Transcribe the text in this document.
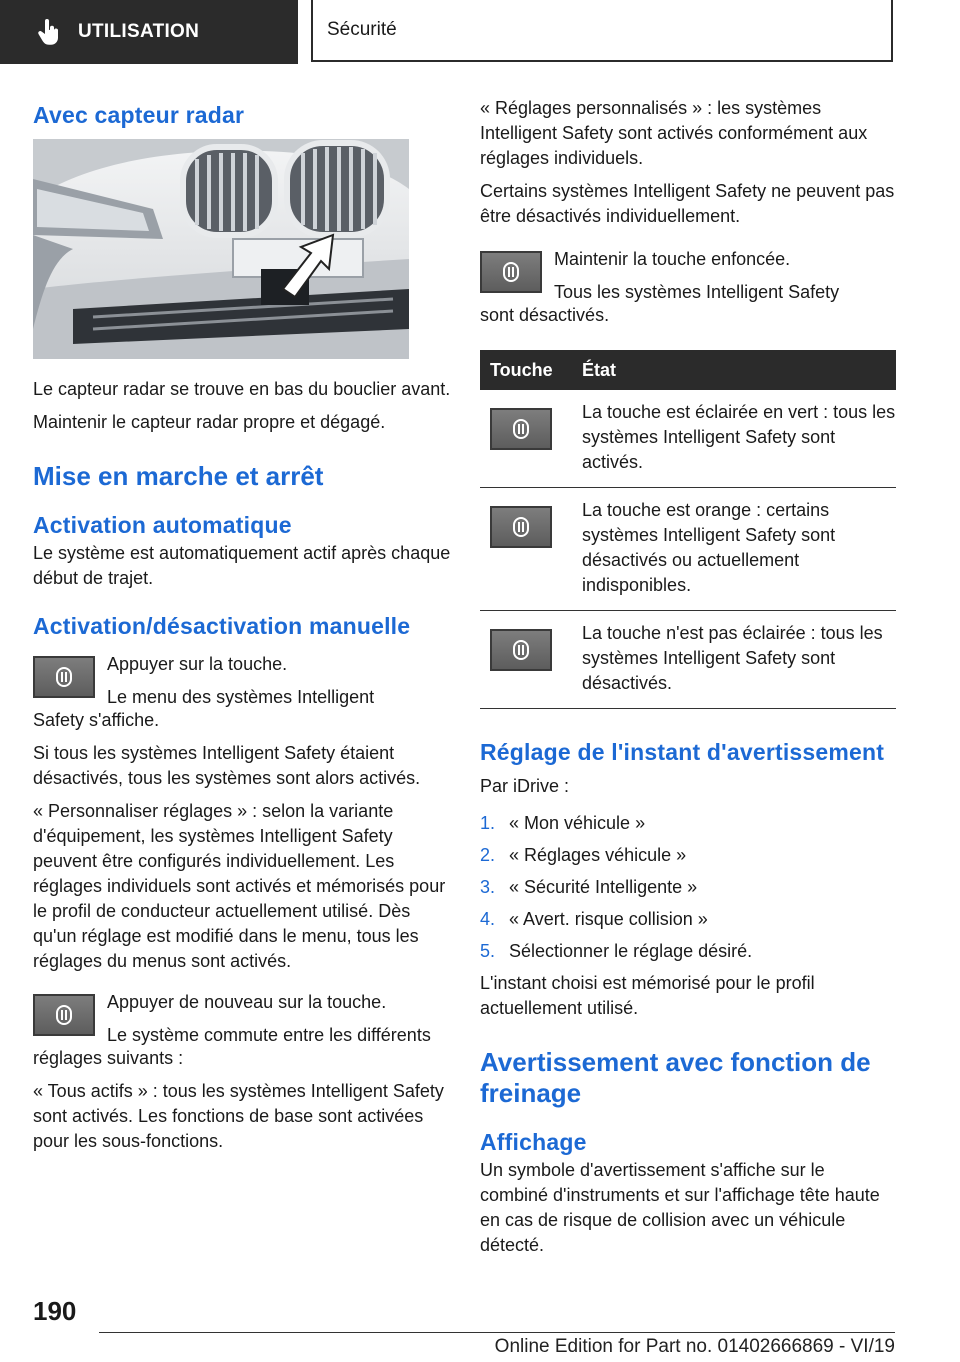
UTILISATION	Sécurité
Avec capteur radar

Le capteur radar se trouve en bas du bouclier avant.

Maintenir le capteur radar propre et dégagé.

Mise en marche et arrêt
Activation automatique

Le système est automatiquement actif après chaque début de trajet.

Activation/désactivation manuelle

Appuyer sur la touche.

Le menu des systèmes Intelligent

Safety s'affiche.

Si tous les systèmes Intelligent Safety étaient désactivés, tous les systèmes sont alors activés.

« Personnaliser réglages » : selon la variante d'équipement, les systèmes Intelligent Safety peuvent être configurés individuellement. Les réglages individuels sont activés et mémorisés pour le profil de conducteur actuellement utilisé. Dès qu'un réglage est modifié dans le menu, tous les réglages du menus sont activés.

Appuyer de nouveau sur la touche.

Le système commute entre les différents

réglages suivants :

« Tous actifs » : tous les systèmes Intelligent Safety sont activés. Les fonctions de base sont activées pour les sous-fonctions.

« Réglages personnalisés » : les systèmes Intelligent Safety sont activés conformément aux réglages individuels.

Certains systèmes Intelligent Safety ne peuvent pas être désactivés individuellement.

Maintenir la touche enfoncée.

Tous les systèmes Intelligent Safety

sont désactivés.

Touche	État

	La touche est éclairée en vert : tous les systèmes Intelligent Safety sont activés.

	La touche est orange : certains systèmes Intelligent Safety sont désactivés ou actuellement indisponibles.

	La touche n'est pas éclairée : tous les systèmes Intelligent Safety sont désactivés.
Réglage de l'instant d'avertissement

Par iDrive :

1. « Mon véhicule »
2. « Réglages véhicule »
3. « Sécurité Intelligente »
4. « Avert. risque collision »
5. Sélectionner le réglage désiré.

L'instant choisi est mémorisé pour le profil actuellement utilisé.

Avertissement avec fonction de freinage
Affichage

Un symbole d'avertissement s'affiche sur le combiné d'instruments et sur l'affichage tête haute en cas de risque de collision avec un véhicule détecté.

190
Online Edition for Part no. 01402666869 - VI/19
